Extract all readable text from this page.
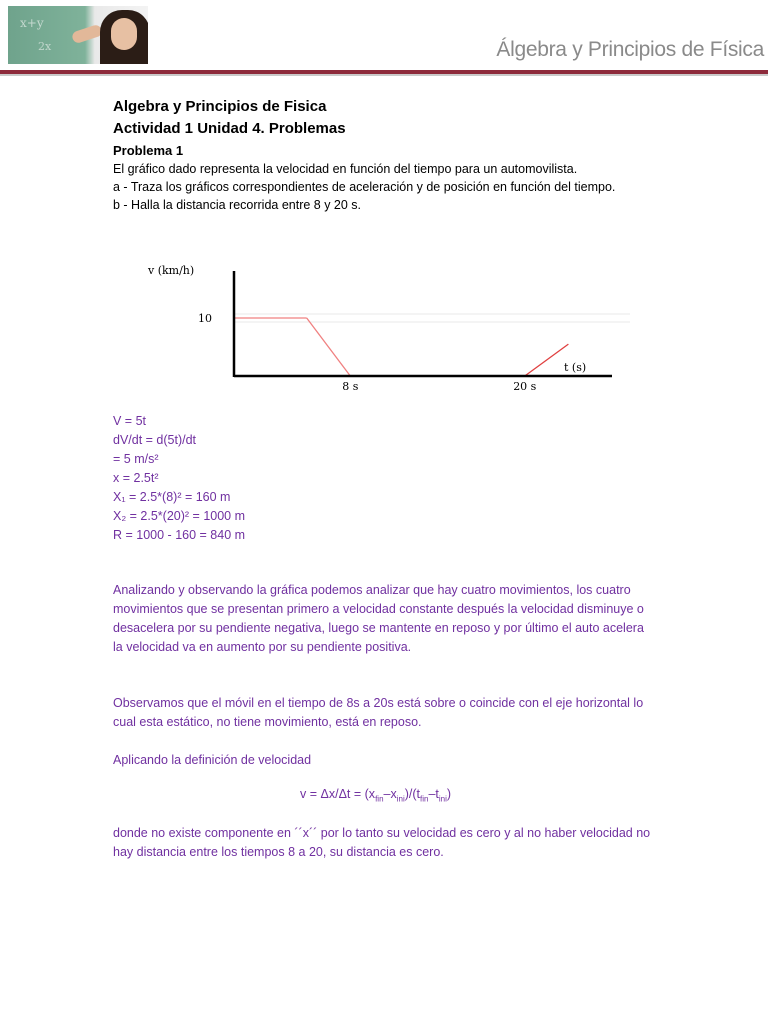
x+y
2x	Álgebra y Principios de Física
Algebra y Principios de Fisica
Actividad 1 Unidad 4. Problemas
Problema 1
El gráfico dado representa la velocidad en función del tiempo para un automovilista.
a - Traza los gráficos correspondientes de aceleración y de posición en función del tiempo.
b - Halla la distancia recorrida entre 8 y 20 s.
v (km/h)
t (s)
10
8 s	20 s
V = 5t
dV/dt = d(5t)/dt
= 5 m/s²
x = 2.5t²
X₁ = 2.5*(8)² = 160 m
X₂ = 2.5*(20)² = 1000 m
R = 1000 - 160 = 840 m
Analizando y observando la gráfica podemos analizar que hay cuatro movimientos, los cuatro movimientos que se presentan primero a velocidad constante después la velocidad disminuye o desacelera por su pendiente negativa, luego se mantente en reposo y por último el auto acelera la velocidad va en aumento por su pendiente positiva.
Observamos que el móvil en el tiempo de 8s a 20s está sobre o coincide con el eje horizontal lo cual esta estático, no tiene movimiento, está en reposo.
Aplicando la definición de velocidad
$v = \Delta x/\Delta t = (x_{fin}-x_{ini})/(t_{fin}-t_{ini})$
donde no existe componente en ´´x´´ por lo tanto su velocidad es cero y al no haber velocidad no hay distancia entre los tiempos 8 a 20, su distancia es cero.
